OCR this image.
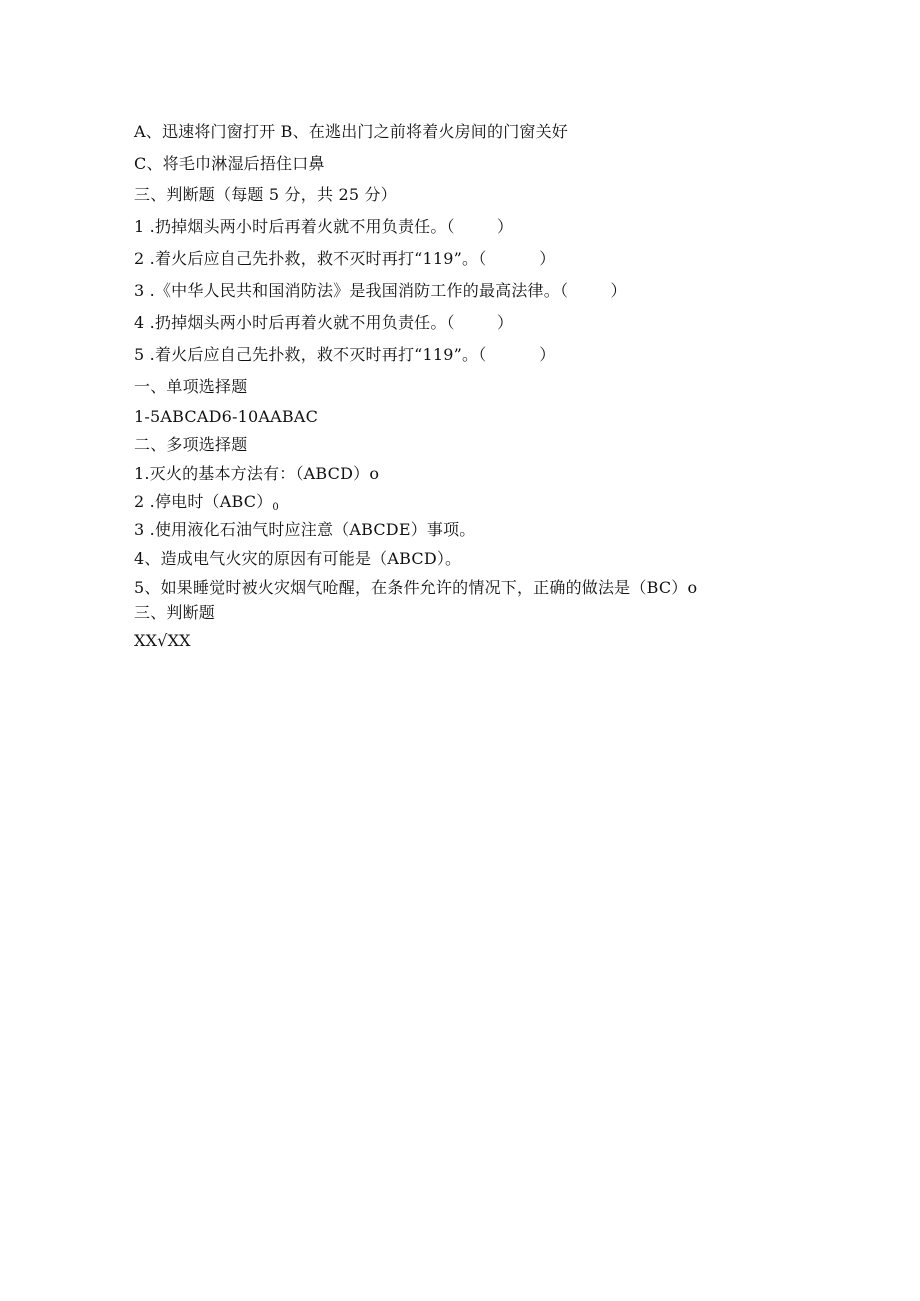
A、迅速将门窗打开 B、在逃出门之前将着火房间的门窗关好
C、将毛巾淋湿后捂住口鼻
三、判断题（每题 5 分，共 25 分）
1 .扔掉烟头两小时后再着火就不用负责任。（        ）
2 .着火后应自己先扑救，救不灭时再打“119”。（          ）
3 .《中华人民共和国消防法》是我国消防工作的最高法律。（        ）
4 .扔掉烟头两小时后再着火就不用负责任。（        ）
5 .着火后应自己先扑救，救不灭时再打“119”。（          ）
一、单项选择题
1-5ABCAD6-10AABAC
二、多项选择题
1.灭火的基本方法有：（ABCD）o
2 .停电时$(ABC)_0$
3 .使用液化石油气时应注意（ABCDE）事项。
4、造成电气火灾的原因有可能是（ABCD）。
5、如果睡觉时被火灾烟气呛醒，在条件允许的情况下，正确的做法是（BC）o
三、判断题
XX√XX
